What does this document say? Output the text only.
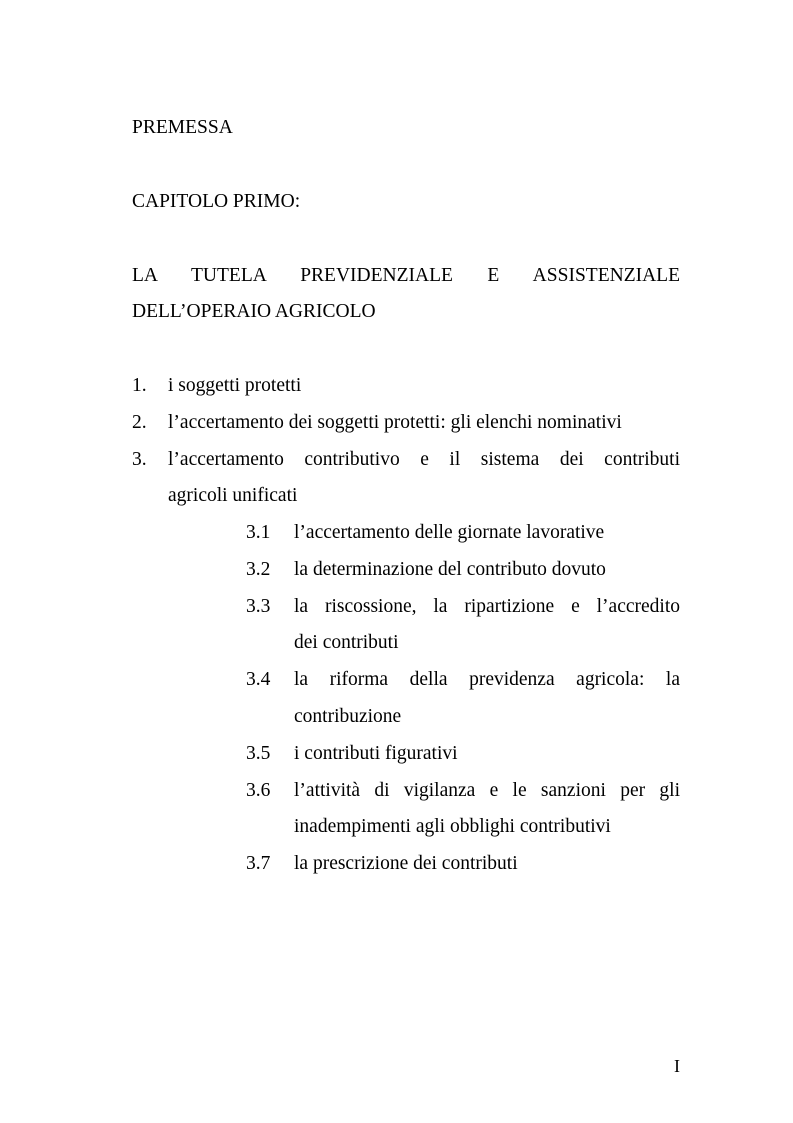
PREMESSA
CAPITOLO PRIMO:
LA TUTELA PREVIDENZIALE E ASSISTENZIALE
DELL’OPERAIO AGRICOLO
1. i soggetti protetti
2. l’accertamento dei soggetti protetti: gli elenchi nominativi
3. l’accertamento contributivo e il sistema dei contributi
agricoli unificati
3.1 l’accertamento delle giornate lavorative
3.2 la determinazione del contributo dovuto
3.3 la riscossione, la ripartizione e l’accredito
dei contributi
3.4 la riforma della previdenza agricola: la
contribuzione
3.5 i contributi figurativi
3.6 l’attività di vigilanza e le sanzioni per gli
inadempimenti agli obblighi contributivi
3.7 la prescrizione dei contributi
I
